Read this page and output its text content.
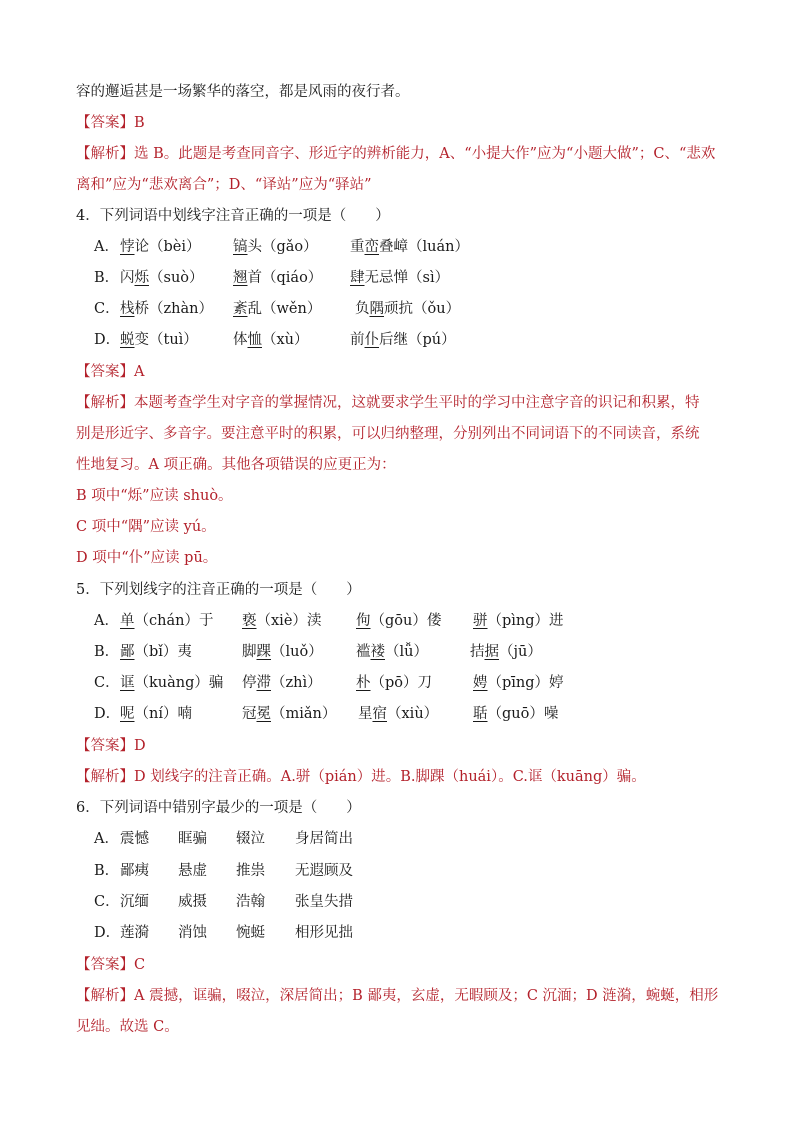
容的邂逅甚是一场繁华的落空，都是风雨的夜行者。
【答案】B
【解析】选 B。此题是考查同音字、形近字的辨析能力，A、“小提大作”应为“小题大做”；C、“悲欢
离和”应为“悲欢离合”；D、“译站”应为“驿站”
4．下列词语中划线字注音正确的一项是（　　）
A． 悖论（bèi） 镐头（gǎo） 重峦叠嶂（luán）
B． 闪烁（suò） 翘首（qiáo） 肆无忌惮（sì）
C． 栈桥（zhàn） 紊乱（wěn） 负隅顽抗（ǒu）
D． 蜕变（tuì） 体恤（xù）	前仆后继（pú）
【答案】A
【解析】本题考查学生对字音的掌握情况，这就要求学生平时的学习中注意字音的识记和积累，特
别是形近字、多音字。要注意平时的积累，可以归纳整理，分别列出不同词语下的不同读音，系统
性地复习。A 项正确。其他各项错误的应更正为：
B 项中“烁”应读 shuò。
C 项中“隅”应读 yú。
D 项中“仆”应读 pū。
5．下列划线字的注音正确的一项是（　　）
A． 单（chán）于 亵（xiè）渎 佝（gōu）偻 骈（pìng）进
B． 鄙（bǐ）夷	脚踝（luǒ） 褴褛（lǚ）	拮据（jū）
C． 诓（kuàng）骗 停滞（zhì） 朴（pō）刀	娉（pīng）婷
D． 呢（ní）喃	冠冕（miǎn） 星宿（xiù） 聒（guō）噪
【答案】D
【解析】D 划线字的注音正确。A.骈（pián）进。B.脚踝（huái）。C.诓（kuāng）骗。
6．下列词语中错别字最少的一项是（　　）
A． 震憾 眶骗 辍泣 身居简出
B． 鄙痍 悬虚 推祟 无遐顾及
C． 沉缅 威摄 浩翰 张皇失措
D． 莲漪 消蚀 惋蜓 相形见拙
【答案】C
【解析】A 震撼，诓骗，啜泣，深居简出；B 鄙夷，玄虚，无暇顾及；C 沉湎；D 涟漪，蜿蜒，相形
见绌。故选 C。
